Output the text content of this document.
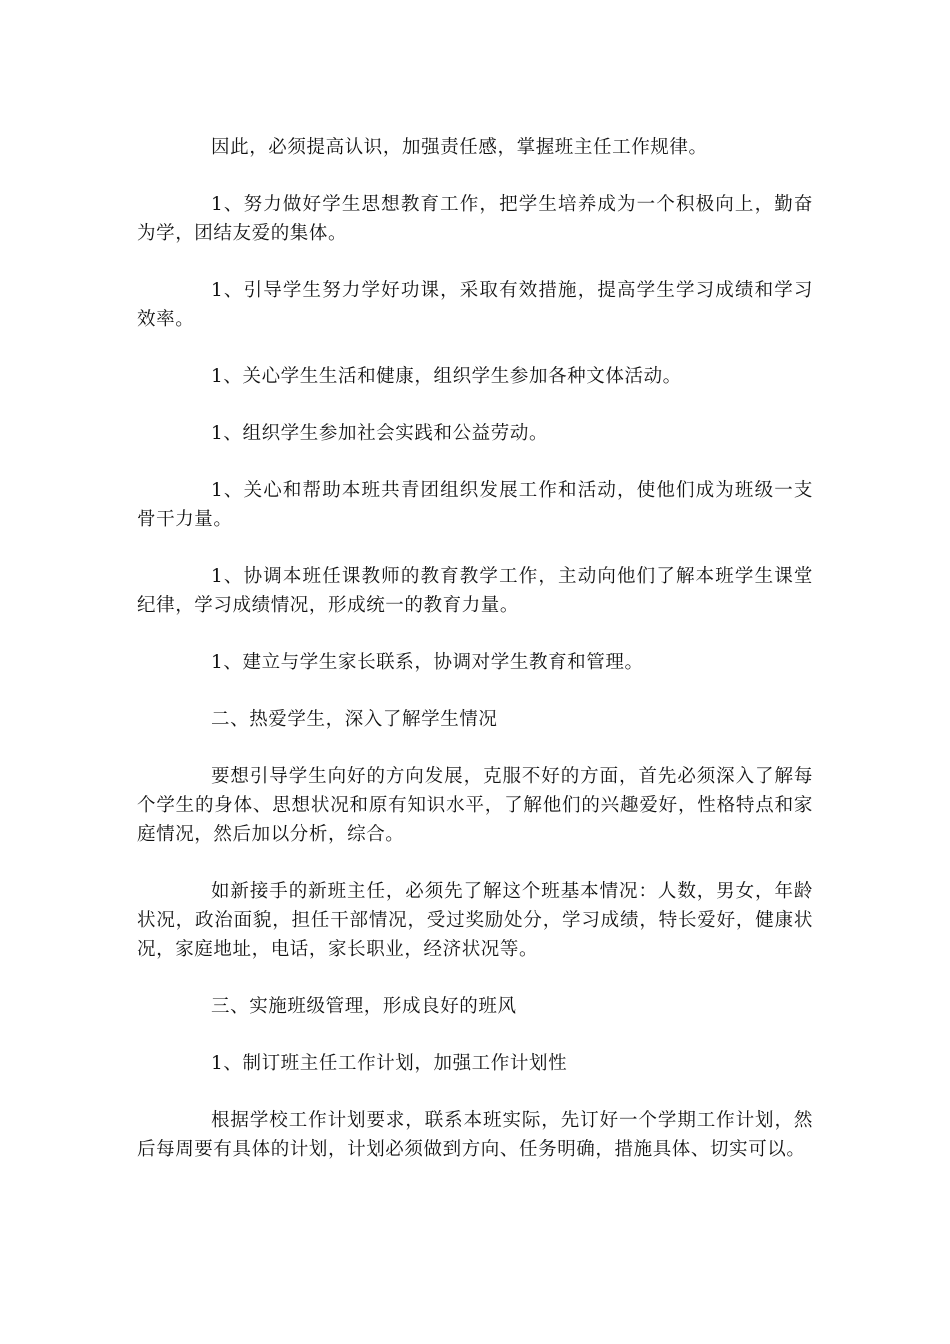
因此，必须提高认识，加强责任感，掌握班主任工作规律。

1、努力做好学生思想教育工作，把学生培养成为一个积极向上，勤奋为学，团结友爱的集体。

1、引导学生努力学好功课，采取有效措施，提高学生学习成绩和学习效率。

1、关心学生生活和健康，组织学生参加各种文体活动。

1、组织学生参加社会实践和公益劳动。

1、关心和帮助本班共青团组织发展工作和活动，使他们成为班级一支骨干力量。

1、协调本班任课教师的教育教学工作，主动向他们了解本班学生课堂纪律，学习成绩情况，形成统一的教育力量。

1、建立与学生家长联系，协调对学生教育和管理。

二、热爱学生，深入了解学生情况

要想引导学生向好的方向发展，克服不好的方面，首先必须深入了解每个学生的身体、思想状况和原有知识水平，了解他们的兴趣爱好，性格特点和家庭情况，然后加以分析，综合。

如新接手的新班主任，必须先了解这个班基本情况：人数，男女，年龄状况，政治面貌，担任干部情况，受过奖励处分，学习成绩，特长爱好，健康状况，家庭地址，电话，家长职业，经济状况等。

三、实施班级管理，形成良好的班风

1、制订班主任工作计划，加强工作计划性

根据学校工作计划要求，联系本班实际，先订好一个学期工作计划，然后每周要有具体的计划，计划必须做到方向、任务明确，措施具体、切实可以。
